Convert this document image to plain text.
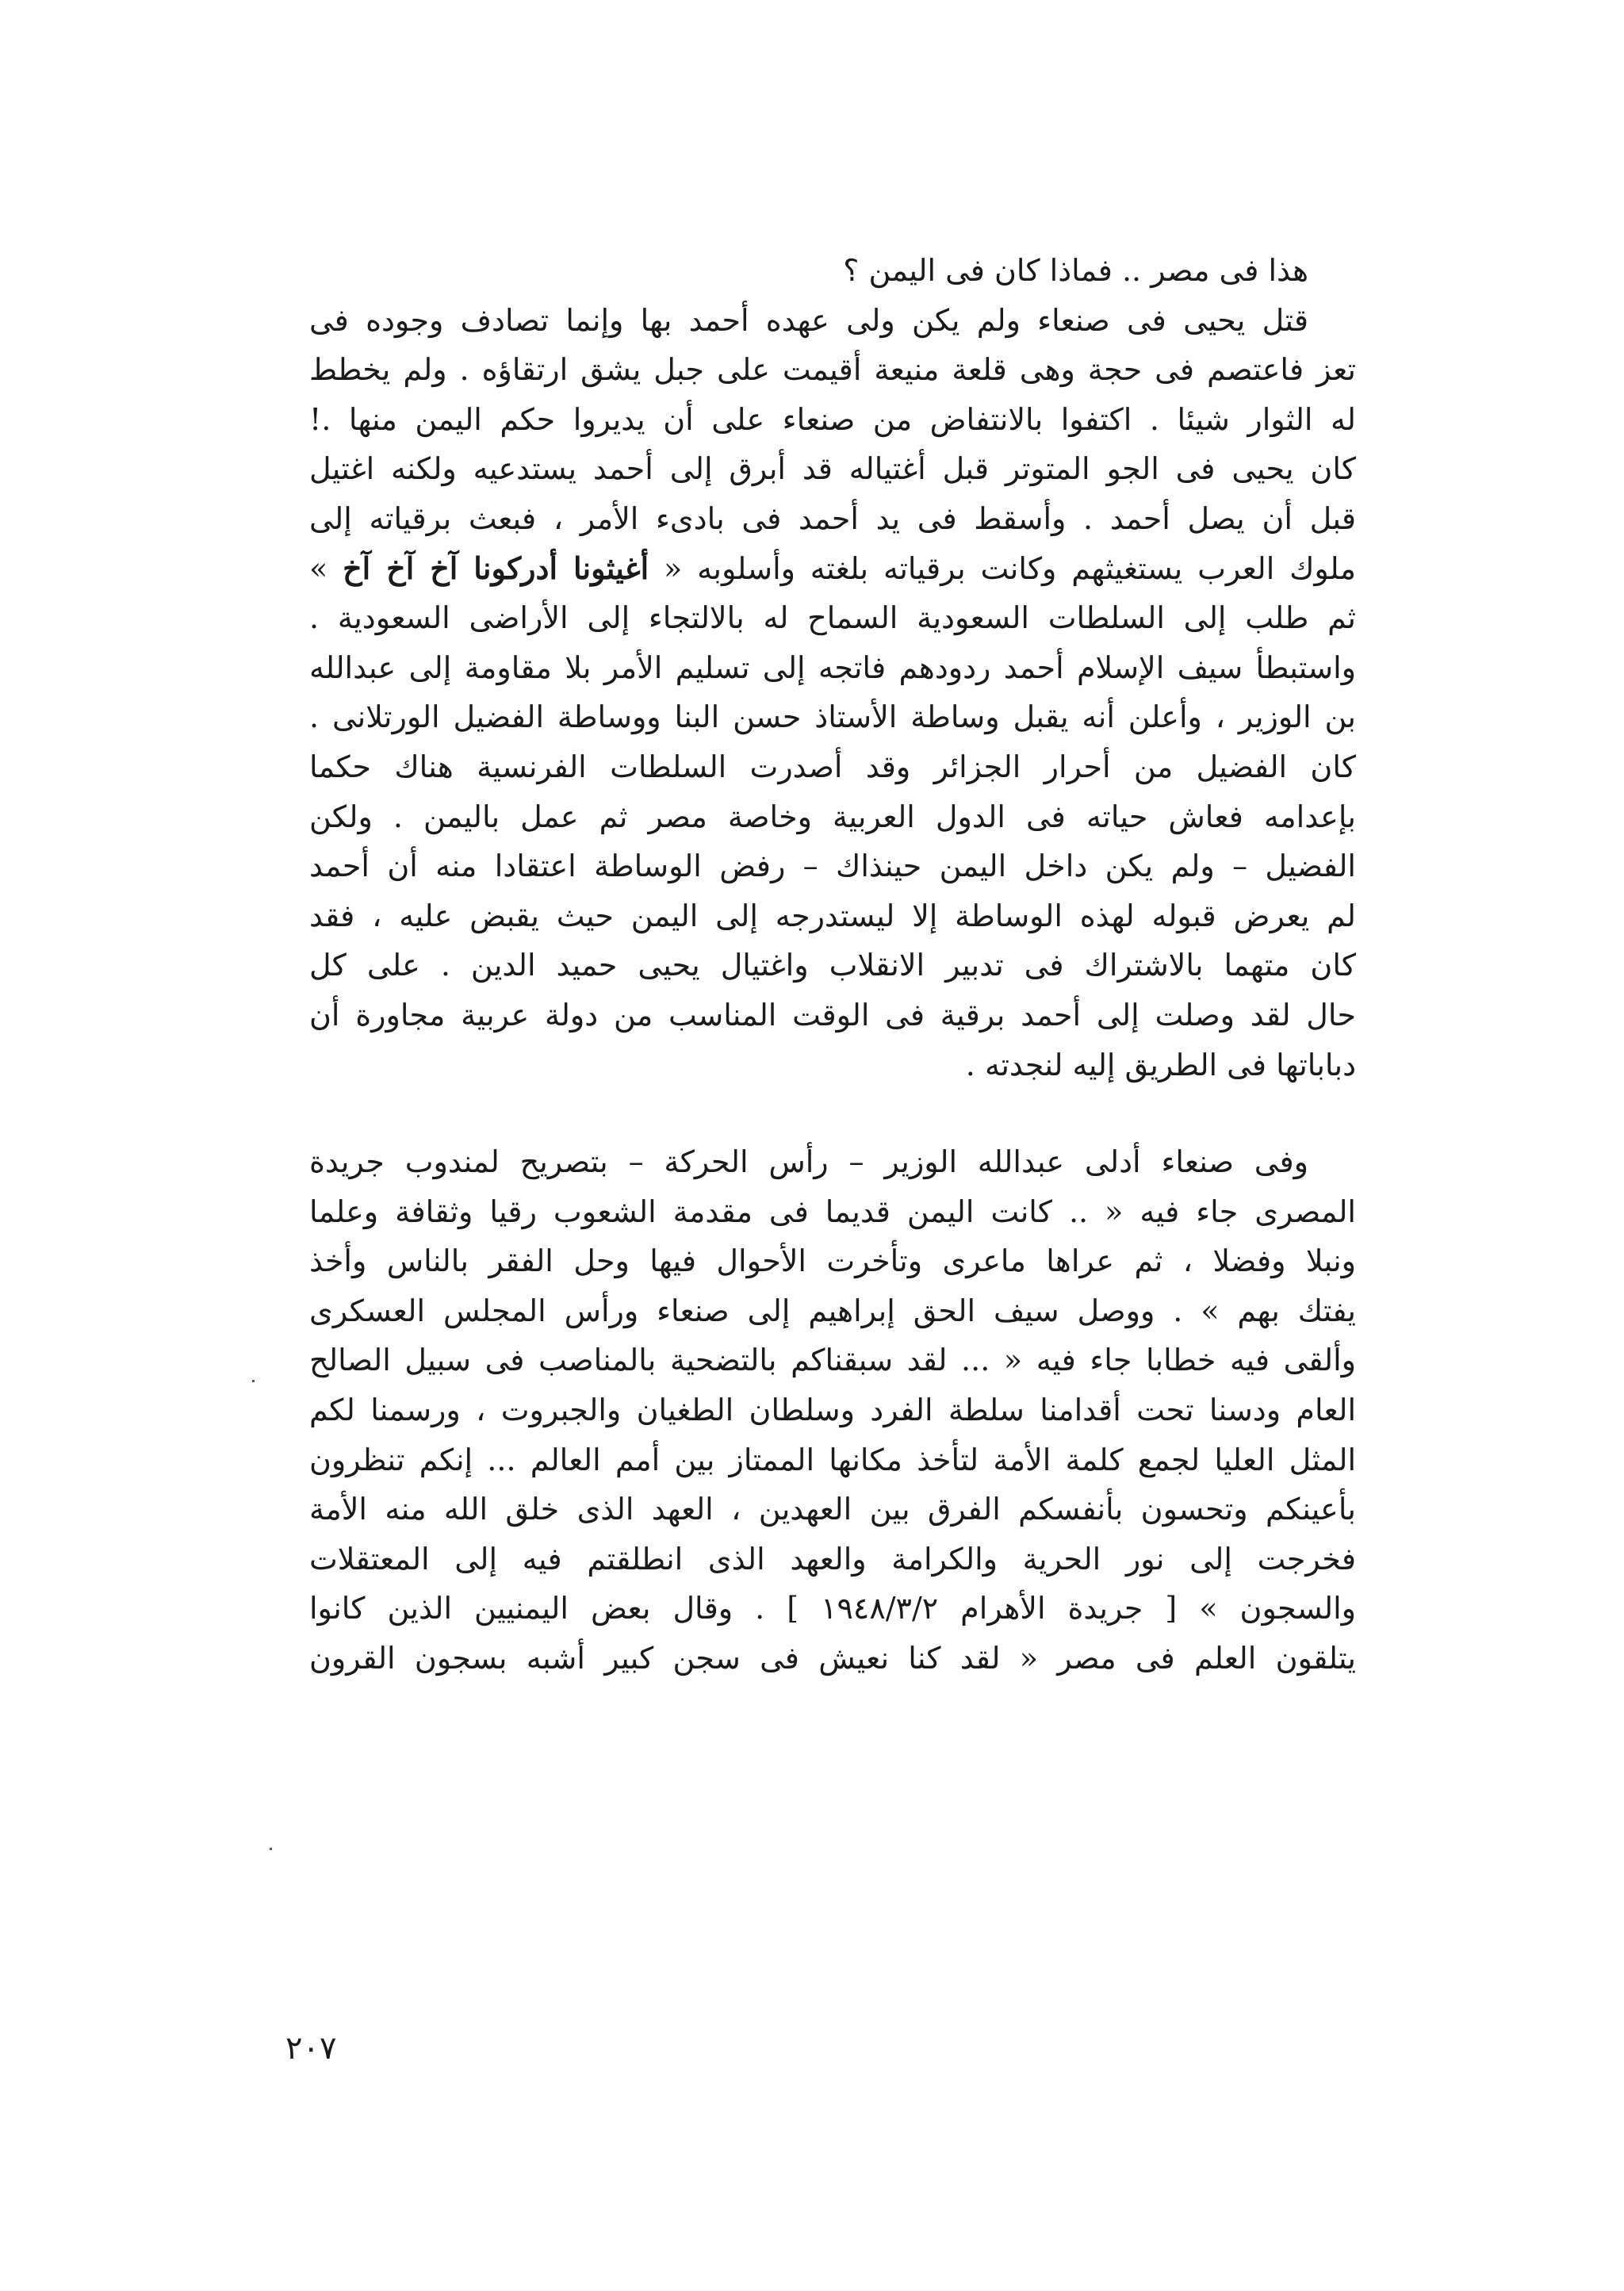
هذا فى مصر .. فماذا كان فى اليمن ؟
قتل يحيى فى صنعاء ولم يكن ولى عهده أحمد بها وإنما تصادف وجوده فى
تعز فاعتصم فى حجة وهى قلعة منيعة أقيمت على جبل يشق ارتقاؤه . ولم يخطط
له الثوار شيئا . اكتفوا بالانتفاض من صنعاء على أن يديروا حكم اليمن منها .!
كان يحيى فى الجو المتوتر قبل أغتياله قد أبرق إلى أحمد يستدعيه ولكنه اغتيل
قبل أن يصل أحمد . وأسقط فى يد أحمد فى بادىء الأمر ، فبعث برقياته إلى
ملوك العرب يستغيثهم وكانت برقياته بلغته وأسلوبه « أغيثونا أدركونا آخ آخ آخ »
ثم طلب إلى السلطات السعودية السماح له بالالتجاء إلى الأراضى السعودية .
واستبطأ سيف الإسلام أحمد ردودهم فاتجه إلى تسليم الأمر بلا مقاومة إلى عبدالله
بن الوزير ، وأعلن أنه يقبل وساطة الأستاذ حسن البنا ووساطة الفضيل الورتلانى .
كان الفضيل من أحرار الجزائر وقد أصدرت السلطات الفرنسية هناك حكما
بإعدامه فعاش حياته فى الدول العربية وخاصة مصر ثم عمل باليمن . ولكن
الفضيل – ولم يكن داخل اليمن حينذاك – رفض الوساطة اعتقادا منه أن أحمد
لم يعرض قبوله لهذه الوساطة إلا ليستدرجه إلى اليمن حيث يقبض عليه ، فقد
كان متهما بالاشتراك فى تدبير الانقلاب واغتيال يحيى حميد الدين . على كل
حال لقد وصلت إلى أحمد برقية فى الوقت المناسب من دولة عربية مجاورة أن
دباباتها فى الطريق إليه لنجدته .
وفى صنعاء أدلى عبدالله الوزير – رأس الحركة – بتصريح لمندوب جريدة
المصرى جاء فيه « .. كانت اليمن قديما فى مقدمة الشعوب رقيا وثقافة وعلما
ونبلا وفضلا ، ثم عراها ماعرى وتأخرت الأحوال فيها وحل الفقر بالناس وأخذ
يفتك بهم » . ووصل سيف الحق إبراهيم إلى صنعاء ورأس المجلس العسكرى
وألقى فيه خطابا جاء فيه « ... لقد سبقناكم بالتضحية بالمناصب فى سبيل الصالح
العام ودسنا تحت أقدامنا سلطة الفرد وسلطان الطغيان والجبروت ، ورسمنا لكم
المثل العليا لجمع كلمة الأمة لتأخذ مكانها الممتاز بين أمم العالم ... إنكم تنظرون
بأعينكم وتحسون بأنفسكم الفرق بين العهدين ، العهد الذى خلق الله منه الأمة
فخرجت إلى نور الحرية والكرامة والعهد الذى انطلقتم فيه إلى المعتقلات
والسجون » [ جريدة الأهرام ١٩٤٨/٣/٢ ] . وقال بعض اليمنيين الذين كانوا
يتلقون العلم فى مصر « لقد كنا نعيش فى سجن كبير أشبه بسجون القرون
٢٠٧
